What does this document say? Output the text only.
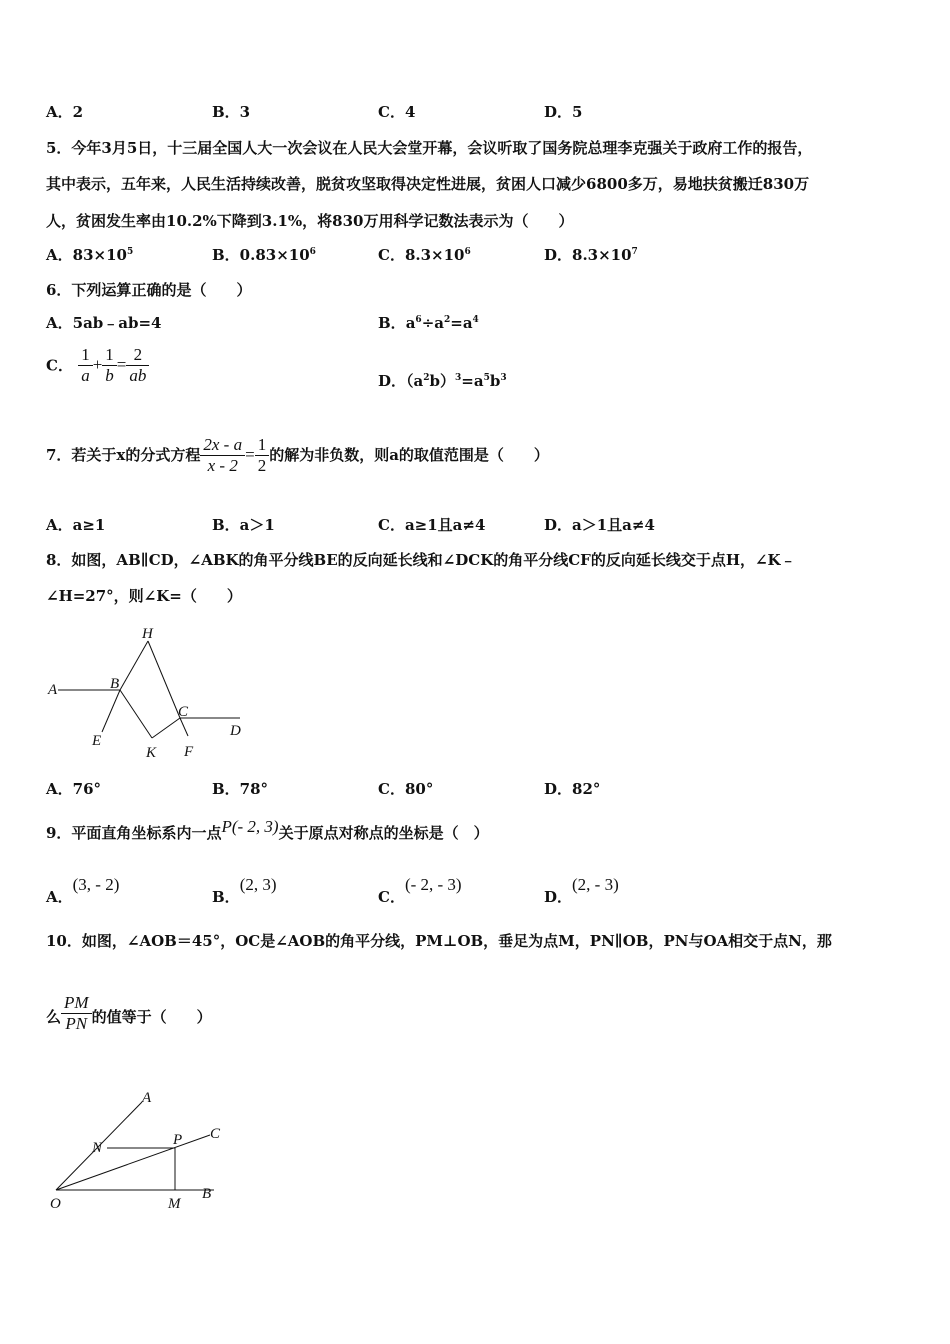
A．2	B．3	C．4	D．5
5．今年3月5日，十三届全国人大一次会议在人民大会堂开幕，会议听取了国务院总理李克强关于政府工作的报告，
其中表示，五年来，人民生活持续改善，脱贫攻坚取得决定性进展，贫困人口减少6800多万，易地扶贫搬迁830万
人，贫困发生率由10.2%下降到3.1%，将830万用科学记数法表示为（　　）
A．$83\times 10^5$	B．$0.83\times 10^6$	C．$8.3\times 10^6$	D．$8.3\times 10^7$
6．下列运算正确的是（　　）
A．5ab﹣ab=4	B．$a^6\div a^2=a^4$
C． $\frac{1}{a} + \frac{1}{b} = \frac{2}{ab}$	D．$(a^2b)^3=a^5b^3$
7．若关于x的分式方程 $\frac{2x - a}{x - 2} = \frac{1}{2}$ 的解为非负数，则a的取值范围是（　　）
A．a≥1	B．a＞1	C．a≥1且a≠4	D．a＞1且a≠4
8．如图，AB∥CD，∠ABK的角平分线BE的反向延长线和∠DCK的角平分线CF的反向延长线交于点H，∠K﹣
∠H=27°，则∠K=（　　）
H
A	B
C
D
E
K F
A．76°	B．78°	C．80°	D．82°
9．平面直角坐标系内一点P(- 2, 3)关于原点对称点的坐标是（　）
A．(3, - 2)
B．(2, 3)
C．(- 2, - 3)
D．(2, - 3)
10．如图，∠AOB＝45°，OC是∠AOB的角平分线，PM⊥OB，垂足为点M，PN∥OB，PN与OA相交于点N，那
么 $\frac{PM}{PN}$ 的值等于（　　）
A
C
N	P
O	M
B
